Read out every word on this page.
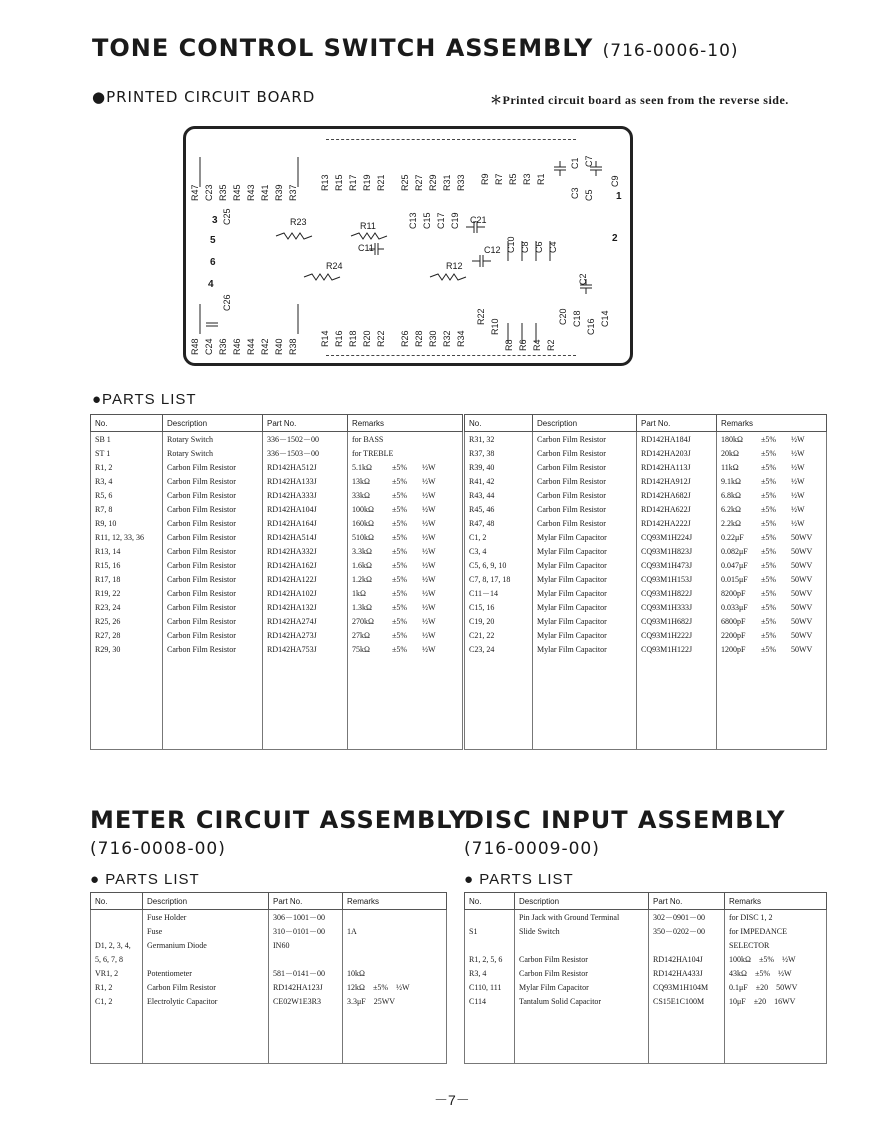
TONE CONTROL SWITCH ASSEMBLY (716-0006-10)
●PRINTED CIRCUIT BOARD	＊Printed circuit board as seen from the reverse side.
R47 C23 R35 R45 R43 R41 R39 R37
R13 R15 R17 R19 R21 R25 R27 R29 R31 R33 R9 R7 R5 R3 R1
C3
C1
C5
C7
C9
C13 C15 C17 C19
C10 C8 C6 C4
C25
C26
R23	R11
C11
R24	R12
C21
C12
C2
1
2
3
4
5
6
R48 C24 R36 R46 R44 R42 R40 R38 R14 R16 R18 R20 R22 R26 R28 R30 R32 R34
R22
R10
R8 R6 R4 R2
C20 C18 C16 C14
●PARTS LIST
No.	Description	Part No.	Remarks
SB 1	Rotary Switch	336－1502－00	for BASS
ST 1	Rotary Switch	336－1503－00	for TREBLE
R1, 2	Carbon Film Resistor	RD142HA512J	5.1kΩ ±5% ½W
R3, 4	Carbon Film Resistor	RD142HA133J	13kΩ ±5% ½W
R5, 6	Carbon Film Resistor	RD142HA333J	33kΩ ±5% ½W
R7, 8	Carbon Film Resistor	RD142HA104J	100kΩ ±5% ½W
R9, 10	Carbon Film Resistor	RD142HA164J	160kΩ ±5% ½W
R11, 12, 33, 36	Carbon Film Resistor	RD142HA514J	510kΩ ±5% ½W
R13, 14	Carbon Film Resistor	RD142HA332J	3.3kΩ ±5% ½W
R15, 16	Carbon Film Resistor	RD142HA162J	1.6kΩ ±5% ½W
R17, 18	Carbon Film Resistor	RD142HA122J	1.2kΩ ±5% ½W
R19, 22	Carbon Film Resistor	RD142HA102J	1kΩ ±5% ½W
R23, 24	Carbon Film Resistor	RD142HA132J	1.3kΩ ±5% ½W
R25, 26	Carbon Film Resistor	RD142HA274J	270kΩ ±5% ½W
R27, 28	Carbon Film Resistor	RD142HA273J	27kΩ ±5% ½W
R29, 30	Carbon Film Resistor	RD142HA753J	75kΩ ±5% ½W

No.	Description	Part No.	Remarks
R31, 32	Carbon Film Resistor	RD142HA184J	180kΩ ±5% ½W
R37, 38	Carbon Film Resistor	RD142HA203J	20kΩ ±5% ½W
R39, 40	Carbon Film Resistor	RD142HA113J	11kΩ ±5% ½W
R41, 42	Carbon Film Resistor	RD142HA912J	9.1kΩ ±5% ½W
R43, 44	Carbon Film Resistor	RD142HA682J	6.8kΩ ±5% ½W
R45, 46	Carbon Film Resistor	RD142HA622J	6.2kΩ ±5% ½W
R47, 48	Carbon Film Resistor	RD142HA222J	2.2kΩ ±5% ½W
C1, 2	Mylar Film Capacitor	CQ93M1H224J	0.22μF ±5% 50WV
C3, 4	Mylar Film Capacitor	CQ93M1H823J	0.082μF ±5% 50WV
C5, 6, 9, 10	Mylar Film Capacitor	CQ93M1H473J	0.047μF ±5% 50WV
C7, 8, 17, 18	Mylar Film Capacitor	CQ93M1H153J	0.015μF ±5% 50WV
C11－14	Mylar Film Capacitor	CQ93M1H822J	8200pF ±5% 50WV
C15, 16	Mylar Film Capacitor	CQ93M1H333J	0.033μF ±5% 50WV
C19, 20	Mylar Film Capacitor	CQ93M1H682J	6800pF ±5% 50WV
C21, 22	Mylar Film Capacitor	CQ93M1H222J	2200pF ±5% 50WV
C23, 24	Mylar Film Capacitor	CQ93M1H122J	1200pF ±5% 50WV

METER CIRCUIT ASSEMBLY
(716-0008-00)
● PARTS LIST
No.	Description	Part No.	Remarks
	Fuse Holder	306－1001－00	
	Fuse	310－0101－00	1A
D1, 2, 3, 4,	Germanium Diode	IN60	
5, 6, 7, 8			
VR1, 2	Potentiometer	581－0141－00	10kΩ
R1, 2	Carbon Film Resistor	RD142HA123J	12kΩ　±5%　½W
C1, 2	Electrolytic Capacitor	CE02W1E3R3	3.3μF　25WV

DISC INPUT ASSEMBLY
(716-0009-00)
● PARTS LIST
No.	Description	Part No.	Remarks
	Pin Jack with Ground Terminal	302－0901－00	for DISC 1, 2
S1	Slide Switch	350－0202－00	for IMPEDANCE
			SELECTOR
R1, 2, 5, 6	Carbon Film Resistor	RD142HA104J	100kΩ　±5%　½W
R3, 4	Carbon Film Resistor	RD142HA433J	43kΩ　±5%　½W
C110, 111	Mylar Film Capacitor	CQ93M1H104M	0.1μF　±20　50WV
C114	Tantalum Solid Capacitor	CS15E1C100M	10μF　±20　16WV

－7－
